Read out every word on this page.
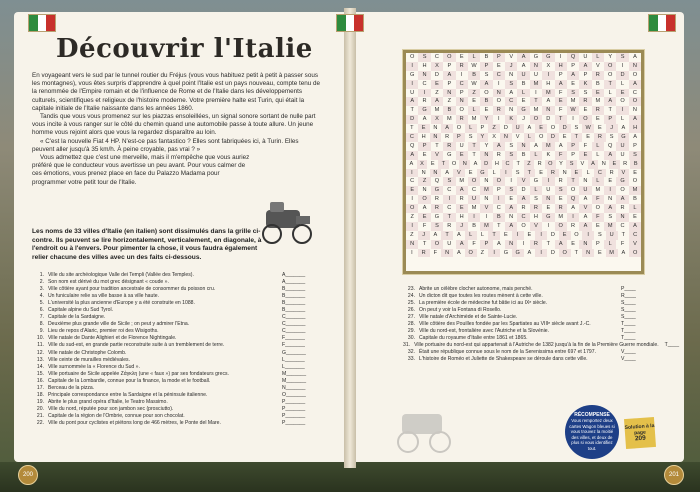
Découvrir l'Italie

En voyageant vers le sud par le tunnel routier du Fréjus (vous vous habituez petit à petit à passer sous les montagnes), vous êtes surpris d'apprendre à quel point l'Italie est un pays nouveau, compte tenu de la renommée de l'Empire romain et de l'influence de Rome et de l'Italie dans les développements culturels, scientifiques et religieux de l'histoire moderne. Votre première halte est Turin, qui était la capitale initiale de l'Italie naissante dans les années 1860.

Tandis que vous vous promenez sur les piazzas ensoleillées, un signal sonore sortant de nulle part vous incite à vous ranger sur le côté du chemin quand une automobile passe à toute allure. Un jeune homme vous rejoint alors que vous la regardez disparaître au loin.

« C'est la nouvelle Fiat 4 HP. N'est-ce pas fantastico ? Elles sont fabriquées ici, à Turin. Elles peuvent aller jusqu'à 35 km/h. À peine croyable, pas vrai ? »

Vous admettez que c'est une merveille, mais il m'empêche que vous auriez préféré que le conducteur vous avertisse un peu avant. Pour vous calmer de ces émotions, vous prenez place en face du Palazzo Madama pour programmer votre petit tour de l'Italie.

Les noms de 33 villes d'Italie (en italien) sont dissimulés dans la grille ci-contre. Ils peuvent se lire horizontalement, verticalement, en diagonale, à l'endroit ou à l'envers. Pour pimenter la chose, il vous faudra également relier chacune des villes avec un des faits ci-dessous.
1. Ville du site archéologique Valle dei Templi (Vallée des Temples).	A_______
2. Son nom est dérivé du mot grec désignant « coude ».	A_______
3. Ville côtière ayant pour tradition ancestrale de consommer du poisson cru.	B_______
4. Un funiculaire relie sa ville basse à sa ville haute.	B_______
5. L'université la plus ancienne d'Europe y a été construite en 1088.	B_______
6. Capitale alpine du Sud Tyrol.	B_______
7. Capitale de la Sardaigne.	C_______
8. Deuxième plus grande ville de Sicile ; on peut y admirer l'Etna.	C_______
9. Lieu de repos d'Alaric, premier roi des Wisigoths.	C_______
10. Ville natale de Dante Alighieri et de Florence Nightingale.	F_______
11. Ville du sud-est, en grande partie reconstruite suite à un tremblement de terre.	F_______
12. Ville natale de Christophe Colomb.	G_______
13. Ville ceinte de murailles médiévales.	L_______
14. Ville surnommée la « Florence du Sud ».	L_______
15. Ville portuaire de Sicile appelée Ζάγκλη (une « faux ») par ses fondateurs grecs.	M_______
16. Capitale de la Lombardie, connue pour la finance, la mode et le football.	M_______
17. Berceau de la pizza.	N_______
18. Principale correspondance entre la Sardaigne et la péninsule italienne.	O_______
19. Abrite le plus grand opéra d'Italie, le Teatro Massimo.	P_______
20. Ville du nord, réputée pour son jambon sec (prosciutto).	P_______
21. Capitale de la région de l'Ombrie, connue pour son chocolat.	P_______
22. Ville du pont pour cyclistes et piétons long de 466 mètres, le Ponte del Mare.	P_______
O	S	C	O	E	L	B	P	V	A	G	G	I	Q	U	L	Y	S	A
I	H	X	P	R	W	P	E	J	A	N	X	H	P	A	V	O	I	N
G	N	D	A	I	B	S	C	N	U	U	I	P	A	P	R	O	D	O
I	C	E	P	C	W	A	I	S	B	M	H	A	E	K	B	T	L	A
U	I	Z	N	P	Z	O	N	A	L	I	M	F	S	S	E	L	E	C
A	R	A	Z	N	E	B	O	C	E	T	A	E	M	R	M	A	O	O
T	G	M	B	O	L	E	R	N	G	M	N	F	W	E	R	T	I	N
D	A	X	M	R	M	Y	I	K	J	O	D	T	I	O	E	P	L	A
T	E	N	A	O	L	P	Z	D	U	A	E	O	D	S	W	E	J	A	H
C	H	N	R	P	S	Y	X	N	V	L	O	D	E	T	E	R	S	G	A
Q	P	T	R	U	T	Y	A	S	N	A	M	A	P	F	L	Q	U	P
A	E	V	G	E	T	N	R	S	B	L	K	F	P	E	L	A	U	S
A	X	E	T	O	N	A	D	H	C	T	Z	R	O	Y	S	V	A	N	E	R	B
I	N	N	A	V	E	G	L	I	S	T	E	R	N	E	L	C	R	V	E
C	Z	Q	S	M	O	N	O	I	V	G	I	R	T	N	L	E	G	O
E	N	G	C	A	C	M	P	S	D	L	U	S	O	U	M	I	O	M
I	O	R	I	R	U	N	I	E	A	S	N	E	Q	A	F	N	A	B
O	A	R	C	E	M	V	C	A	R	R	E	R	A	V	O	A	R	L
Z	E	G	T	H	I	I	B	N	C	H	G	M	I	A	F	S	N	E
I	F	S	R	J	B	M	T	A	O	V	I	O	R	A	E	M	C	A
Z	J	A	T	A	L	L	T	E	I	E	I	D	E	O	I	S	U	T	C
N	T	O	U	A	F	P	A	N	I	R	T	A	E	N	P	L	F	V
I	R	F	N	A	O	Z	I	G	G	A	I	D	O	T	N	E	M	A	O
23. Abrite un célèbre clocher autonome, mais penché.	P____
24. Un dicton dit que toutes les routes mènent à cette ville.	R____
25. La première école de médecine fut bâtie ici au IXᵉ siècle.	S____
26. On peut y voir la Fontana di Rosello.	S____
27. Ville natale d'Archimède et de Sainte-Lucie.	S____
28. Ville côtière des Pouilles fondée par les Spartiates au VIIIᵉ siècle avant J.-C.	T____
29. Ville du nord-est, frontalière avec l'Autriche et la Slovénie.	T____
30. Capitale du royaume d'Italie entre 1861 et 1865.	T____
31. Ville portuaire du nord-est qui appartenait à l'Autriche de 1382 jusqu'à la fin de la Première Guerre mondiale. T____
32. Était une république connue sous le nom de la Serenissima entre 697 et 1797.	V____
33. L'histoire de Roméo et Juliette de Shakespeare se déroule dans cette ville.	V____
RÉCOMPENSE
Vous remportez deux cartes Wagon bleues si vous trouvez la moitié des villes, et deux de plus si vous identifiez tout.
Solution à la page
209
200	201
